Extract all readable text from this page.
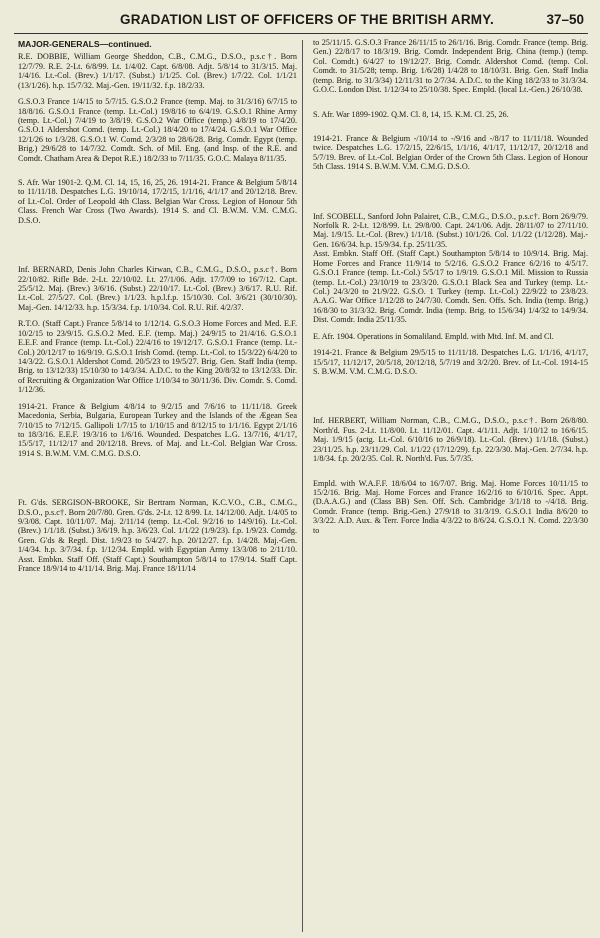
GRADATION LIST OF OFFICERS OF THE BRITISH ARMY.	37–50
MAJOR-GENERALS—continued.

R.E. DOBBIE, William George Sheddon, C.B., C.M.G., D.S.O., p.s.c†. Born 12/7/79. R.E. 2-Lt. 6/8/99. Lt. 1/4/02. Capt. 6/8/08. Adjt. 5/8/14 to 31/3/15. Maj. 1/4/16. Lt.-Col. (Brev.) 1/1/17. (Subst.) 1/1/25. Col. (Brev.) 1/7/22. Col. 1/1/21 (13/1/26). h.p. 15/7/32. Maj.-Gen. 19/11/32. f.p. 18/2/33.

G.S.O.3 France 1/4/15 to 5/7/15. G.S.O.2 France (temp. Maj. to 31/3/16) 6/7/15 to 18/8/16. G.S.O.1 France (temp. Lt.-Col.) 19/8/16 to 6/4/19. G.S.O.1 Rhine Army (temp. Lt.-Col.) 7/4/19 to 3/8/19. G.S.O.2 War Office (temp.) 4/8/19 to 17/4/20. G.S.O.1 Aldershot Comd. (temp. Lt.-Col.) 18/4/20 to 17/4/24. G.S.O.1 War Office 12/1/26 to 1/3/28. G.S.O.1 W. Comd. 2/3/28 to 28/6/28. Brig. Comdr. Egypt (temp. Brig.) 29/6/28 to 14/7/32. Comdt. Sch. of Mil. Eng. (and Insp. of the R.E. and Comdt. Chatham Area & Depot R.E.) 18/2/33 to 7/11/35. G.O.C. Malaya 8/11/35.

S. Afr. War 1901-2. Q.M. Cl. 14, 15, 16, 25, 26. 1914-21. France & Belgium 5/8/14 to 11/11/18. Despatches L.G. 19/10/14, 17/2/15, 1/1/16, 4/1/17 and 20/12/18. Brev. of Lt.-Col. Order of Leopold 4th Class. Belgian War Cross. Legion of Honour 5th Class. French War Cross (Two Awards). 1914 S. and Cl. B.W.M. V.M. C.M.G. D.S.O.

Inf. BERNARD, Denis John Charles Kirwan, C.B., C.M.G., D.S.O., p.s.c†. Born 22/10/82. Rifle Bde. 2-Lt. 22/10/02. Lt. 27/1/06. Adjt. 17/7/09 to 16/7/12. Capt. 25/5/12. Maj. (Brev.) 3/6/16. (Subst.) 22/10/17. Lt.-Col. (Brev.) 3/6/17. R.U. Rif. Lt.-Col. 27/5/27. Col. (Brev.) 1/1/23. h.p.l.f.p. 15/10/30. Col. 3/6/21 (30/10/30). Maj.-Gen. 14/12/33. h.p. 15/3/34. f.p. 1/10/34. Col. R.U. Rif. 4/2/37.

R.T.O. (Staff Capt.) France 5/8/14 to 1/12/14. G.S.O.3 Home Forces and Med. E.F. 10/2/15 to 23/9/15. G.S.O.2 Med. E.F. (temp. Maj.) 24/9/15 to 21/4/16. G.S.O.1 E.E.F. and France (temp. Lt.-Col.) 22/4/16 to 19/12/17. G.S.O.1 France (temp. Lt.-Col.) 20/12/17 to 16/9/19. G.S.O.1 Irish Comd. (temp. Lt.-Col. to 15/3/22) 6/4/20 to 14/3/22. G.S.O.1 Aldershot Comd. 20/5/23 to 19/5/27. Brig. Gen. Staff India (temp. Brig. to 13/12/33) 15/10/30 to 14/3/34. A.D.C. to the King 20/8/32 to 13/12/33. Dir. of Recruiting & Organization War Office 1/10/34 to 30/11/36. Div. Comdr. S. Comd. 1/12/36.

1914-21. France & Belgium 4/8/14 to 9/2/15 and 7/6/16 to 11/11/18. Greek Macedonia, Serbia, Bulgaria, European Turkey and the Islands of the Ægean Sea 7/10/15 to 7/12/15. Gallipoli 1/7/15 to 1/10/15 and 8/12/15 to 1/1/16. Egypt 2/1/16 to 18/3/16. E.E.F. 19/3/16 to 1/6/16. Wounded. Despatches L.G. 13/7/16, 4/1/17, 15/5/17, 11/12/17 and 20/12/18. Brevs. of Maj. and Lt.-Col. Belgian War Cross. 1914 S. B.W.M. V.M. C.M.G. D.S.O.

Ft. G'ds. SERGISON-BROOKE, Sir Bertram Norman, K.C.V.O., C.B., C.M.G., D.S.O., p.s.c†. Born 20/7/80. Gren. G'ds. 2-Lt. 12 8/99. Lt. 14/12/00. Adjt. 1/4/05 to 9/3/08. Capt. 10/11/07. Maj. 2/11/14 (temp. Lt.-Col. 9/2/16 to 14/9/16). Lt.-Col. (Brev.) 1/1/18. (Subst.) 3/6/19. h.p. 3/6/23. Col. 1/1/22 (1/9/23). f.p. 1/9/23. Comdg. Gren. G'ds & Regtl. Dist. 1/9/23 to 5/4/27. h.p. 20/12/27. f.p. 1/4/28. Maj.-Gen. 1/4/34. h.p. 3/7/34. f.p. 1/12/34. Empld. with Egyptian Army 13/3/08 to 2/11/10. Asst. Embkn. Staff Off. (Staff Capt.) Southampton 5/8/14 to 17/9/14. Staff Capt. France 18/9/14 to 4/11/14. Brig. Maj. France 18/11/14

to 25/11/15. G.S.O.3 France 26/11/15 to 26/1/16. Brig. Comdr. France (temp. Brig. Gen.) 22/8/17 to 18/3/19. Brig. Comdr. Independent Brig. China (temp.) (temp. Col. Comdt.) 6/4/27 to 19/12/27. Brig. Comdr. Aldershot Comd. (temp. Col. Comdt. to 31/5/28; temp. Brig. 1/6/28) 1/4/28 to 18/10/31. Brig. Gen. Staff India (temp. Brig. to 31/3/34) 12/11/31 to 2/7/34. A.D.C. to the King 18/2/33 to 31/3/34. G.O.C. London Dist. 1/12/34 to 25/10/38. Spec. Empld. (local Lt.-Gen.) 26/10/38.

S. Afr. War 1899-1902. Q.M. Cl. 8, 14, 15. K.M. Cl. 25, 26.

1914-21. France & Belgium -/10/14 to -/9/16 and -/8/17 to 11/11/18. Wounded twice. Despatches L.G. 17/2/15, 22/6/15, 1/1/16, 4/1/17, 11/12/17, 20/12/18 and 5/7/19. Brev. of Lt.-Col. Belgian Order of the Crown 5th Class. Legion of Honour 5th Class. 1914 S. B.W.M. V.M. C.M.G. D.S.O.

Inf. SCOBELL, Sanford John Palairet, C.B., C.M.G., D.S.O., p.s.c†. Born 26/9/79. Norfolk R. 2-Lt. 12/8/99. Lt. 29/8/00. Capt. 24/1/06. Adjt. 28/11/07 to 27/11/10. Maj. 1/9/15. Lt.-Col. (Brev.) 1/1/18. (Subst.) 10/1/26. Col. 1/1/22 (1/12/28). Maj.-Gen. 16/6/34. h.p. 15/9/34. f.p. 25/11/35.

Asst. Embkn. Staff Off. (Staff Capt.) Southampton 5/8/14 to 10/9/14. Brig. Maj. Home Forces and France 11/9/14 to 5/2/16. G.S.O.2 France 6/2/16 to 4/5/17. G.S.O.1 France (temp. Lt.-Col.) 5/5/17 to 1/9/19. G.S.O.1 Mil. Mission to Russia (temp. Lt.-Col.) 23/10/19 to 23/3/20. G.S.O.1 Black Sea and Turkey (temp. Lt.-Col.) 24/3/20 to 21/9/22. G.S.O. 1 Turkey (temp. Lt.-Col.) 22/9/22 to 23/8/23. A.A.G. War Office 1/12/28 to 24/7/30. Comdt. Sen. Offs. Sch. India (temp. Brig.) 16/8/30 to 31/3/32. Brig. Comdr. India (temp. Brig. to 15/6/34) 1/4/32 to 14/9/34. Dist. Comdr. India 25/11/35.

E. Afr. 1904. Operations in Somaliland. Empld. with Mtd. Inf. M. and Cl.

1914-21. France & Belgium 29/5/15 to 11/11/18. Despatches L.G. 1/1/16, 4/1/17, 15/5/17, 11/12/17, 20/5/18, 20/12/18, 5/7/19 and 3/2/20. Brev. of Lt.-Col. 1914-15 S. B.W.M. V.M. C.M.G. D.S.O.

Inf. HERBERT, William Norman, C.B., C.M.G., D.S.O., p.s.c†. Born 26/8/80. North'd. Fus. 2-Lt. 11/8/00. Lt. 11/12/01. Capt. 4/1/11. Adjt. 1/10/12 to 16/6/15. Maj. 1/9/15 (actg. Lt.-Col. 6/10/16 to 26/9/18). Lt.-Col. (Brev.) 1/1/18. (Subst.) 23/11/25. h.p. 23/11/29. Col. 1/1/22 (17/12/29). f.p. 22/3/30. Maj.-Gen. 2/7/34. h.p. 1/8/34. f.p. 20/2/35. Col. R. North'd. Fus. 5/7/35.

Empld. with W.A.F.F. 18/6/04 to 16/7/07. Brig. Maj. Home Forces 10/11/15 to 15/2/16. Brig. Maj. Home Forces and France 16/2/16 to 6/10/16. Spec. Appt. (D.A.A.G.) and (Class BB) Sen. Off. Sch. Cambridge 3/1/18 to -/4/18. Brig. Comdr. France (temp. Brig.-Gen.) 27/9/18 to 31/3/19. G.S.O.1 India 8/6/20 to 3/3/22. A.D. Aux. & Terr. Force India 4/3/22 to 8/6/24. G.S.O.1 N. Comd. 22/3/30 to
